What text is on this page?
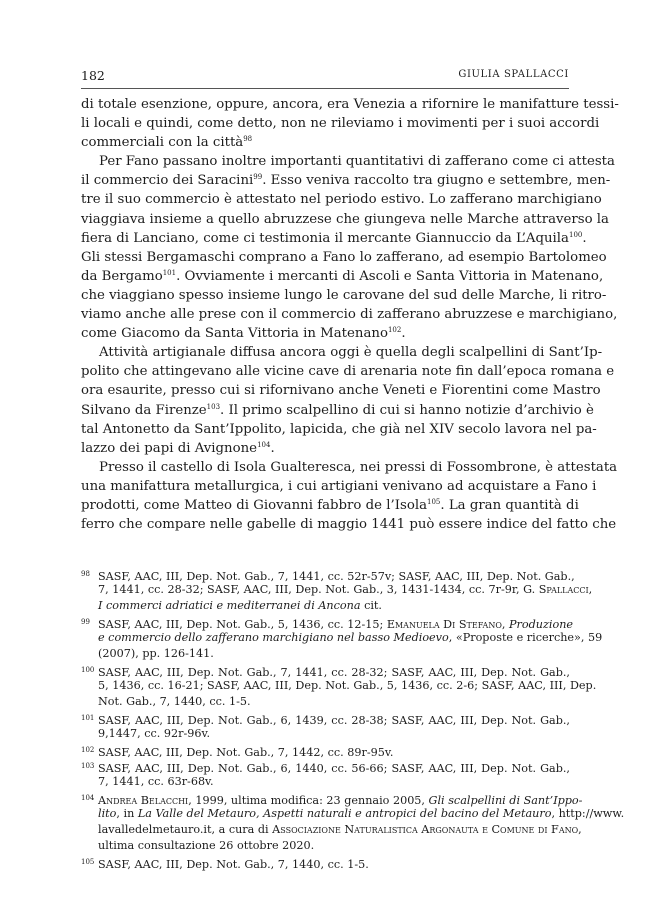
182	GIULIA SPALLACCI
di totale esenzione, oppure, ancora, era Venezia a rifornire le manifatture tessi-
li locali e quindi, come detto, non ne rileviamo i movimenti per i suoi accordi
commerciali con la città$^{98}$
Per Fano passano inoltre importanti quantitativi di zafferano come ci attesta
il commercio dei Saracini$^{99}$. Esso veniva raccolto tra giugno e settembre, men-
tre il suo commercio è attestato nel periodo estivo. Lo zafferano marchigiano
viaggiava insieme a quello abruzzese che giungeva nelle Marche attraverso la
fiera di Lanciano, come ci testimonia il mercante Giannuccio da L’Aquila$^{100}$.
Gli stessi Bergamaschi comprano a Fano lo zafferano, ad esempio Bartolomeo
da Bergamo$^{101}$. Ovviamente i mercanti di Ascoli e Santa Vittoria in Matenano,
che viaggiano spesso insieme lungo le carovane del sud delle Marche, li ritro-
viamo anche alle prese con il commercio di zafferano abruzzese e marchigiano,
come Giacomo da Santa Vittoria in Matenano$^{102}$.
Attività artigianale diffusa ancora oggi è quella degli scalpellini di Sant’Ip-
polito che attingevano alle vicine cave di arenaria note fin dall’epoca romana e
ora esaurite, presso cui si rifornivano anche Veneti e Fiorentini come Mastro
Silvano da Firenze$^{103}$. Il primo scalpellino di cui si hanno notizie d’archivio è
tal Antonetto da Sant’Ippolito, lapicida, che già nel XIV secolo lavora nel pa-
lazzo dei papi di Avignone$^{104}$.
Presso il castello di Isola Gualteresca, nei pressi di Fossombrone, è attestata
una manifattura metallurgica, i cui artigiani venivano ad acquistare a Fano i
prodotti, come Matteo di Giovanni fabbro de l’Isola$^{105}$. La gran quantità di
ferro che compare nelle gabelle di maggio 1441 può essere indice del fatto che
98 SASF, AAC, III, Dep. Not. Gab., 7, 1441, cc. 52r-57v; SASF, AAC, III, Dep. Not. Gab.,
7, 1441, cc. 28-32; SASF, AAC, III, Dep. Not. Gab., 3, 1431-1434, cc. 7r-9r, G. Spallacci,
I commerci adriatici e mediterranei di Ancona cit.
99 SASF, AAC, III, Dep. Not. Gab., 5, 1436, cc. 12-15; Emanuela Di Stefano, Produzione
e commercio dello zafferano marchigiano nel basso Medioevo, «Proposte e ricerche», 59
(2007), pp. 126-141.
100 SASF, AAC, III, Dep. Not. Gab., 7, 1441, cc. 28-32; SASF, AAC, III, Dep. Not. Gab.,
5, 1436, cc. 16-21; SASF, AAC, III, Dep. Not. Gab., 5, 1436, cc. 2-6; SASF, AAC, III, Dep.
Not. Gab., 7, 1440, cc. 1-5.
101 SASF, AAC, III, Dep. Not. Gab., 6, 1439, cc. 28-38; SASF, AAC, III, Dep. Not. Gab.,
9,1447, cc. 92r-96v.
102 SASF, AAC, III, Dep. Not. Gab., 7, 1442, cc. 89r-95v.
103 SASF, AAC, III, Dep. Not. Gab., 6, 1440, cc. 56-66; SASF, AAC, III, Dep. Not. Gab.,
7, 1441, cc. 63r-68v.
104 Andrea Belacchi, 1999, ultima modifica: 23 gennaio 2005, Gli scalpellini di Sant’Ippo-
lito, in La Valle del Metauro, Aspetti naturali e antropici del bacino del Metauro, http://www.
lavalledelmetauro.it, a cura di Associazione Naturalistica Argonauta e Comune di Fano,
ultima consultazione 26 ottobre 2020.
105 SASF, AAC, III, Dep. Not. Gab., 7, 1440, cc. 1-5.
